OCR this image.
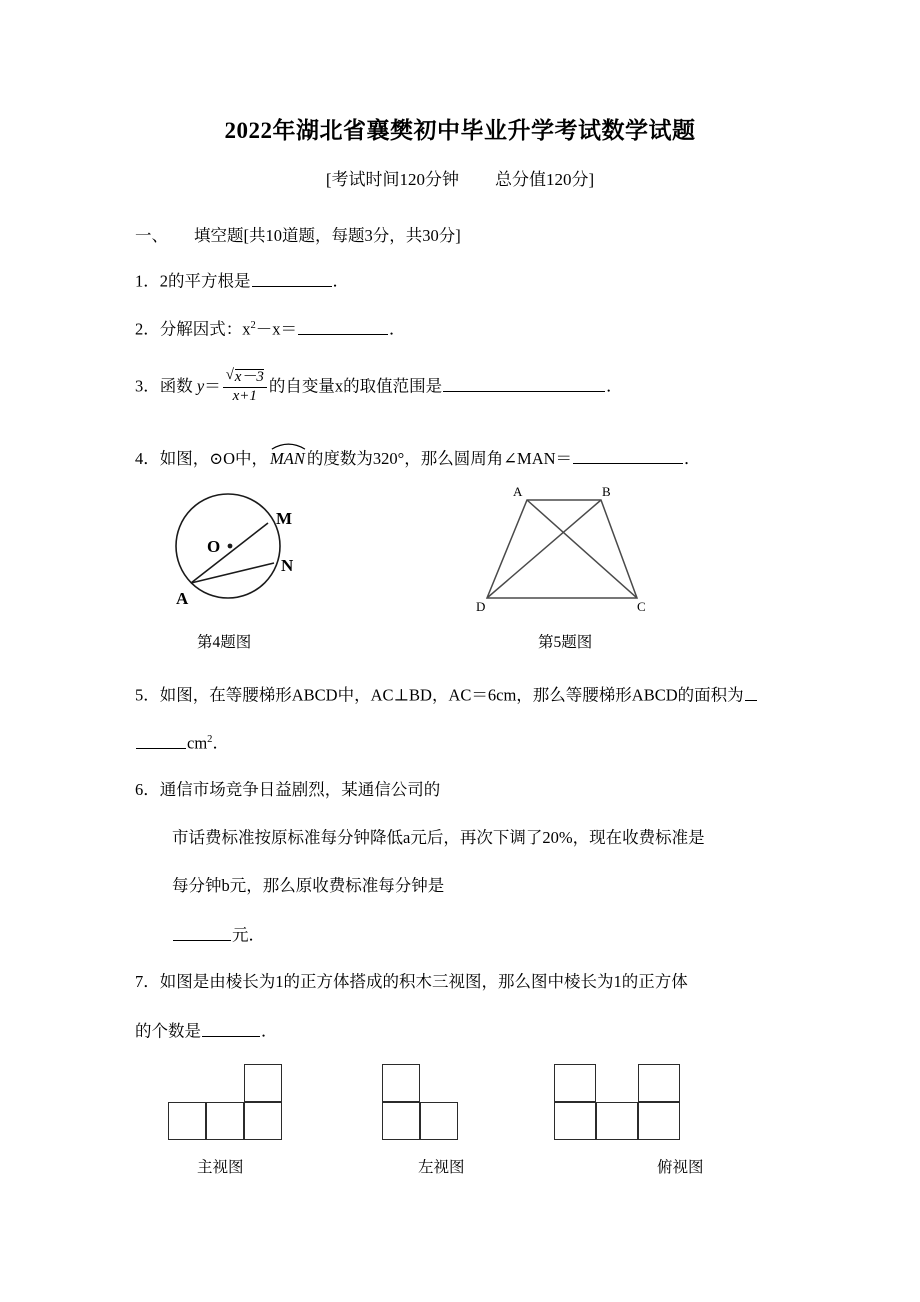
2022年湖北省襄樊初中毕业升学考试数学试题
[考试时间120分钟 总分值120分]
一、 填空题[共10道题，每题3分，共30分]
1．2的平方根是	．
2．分解因式：$x^2-x=$	．
3．函数 y＝ √ $\frac{x-3}{x+1}$ 的自变量x的取值范围是	．
4．如图，⊙O中， MAN 的度数为320°，那么圆周角∠MAN＝	．
O
M
N
A
A	B
C
D
第4题图	第5题图
5．如图，在等腰梯形ABCD中，AC⊥BD，AC＝6cm，那么等腰梯形ABCD的面积为
$cm^2$．
6．通信市场竞争日益剧烈，某通信公司的
市话费标准按原标准每分钟降低a元后，再次下调了20%，现在收费标准是
每分钟b元，那么原收费标准每分钟是
元．
7．如图是由棱长为1的正方体搭成的积木三视图，那么图中棱长为1的正方体
的个数是	．
主视图	左视图	俯视图
